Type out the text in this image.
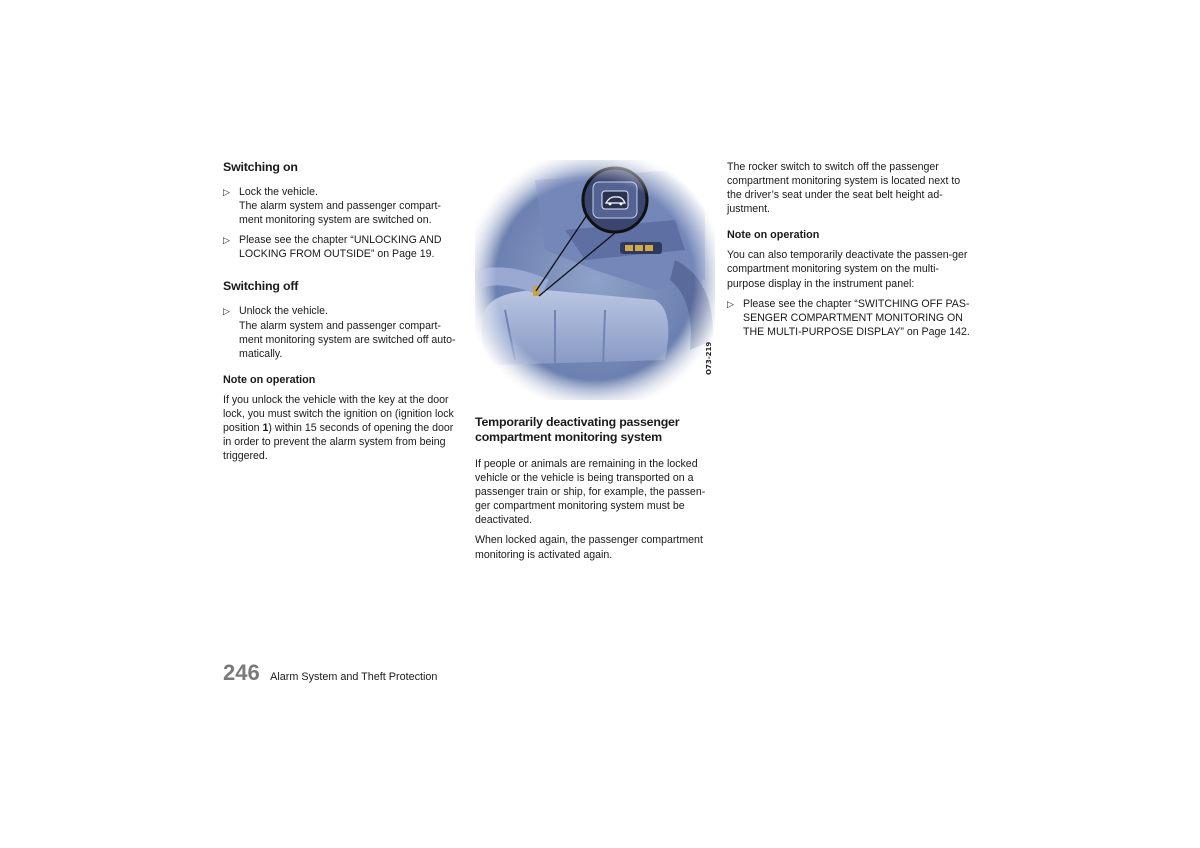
Switching on
▷ Lock the vehicle.
The alarm system and passenger compart-ment monitoring system are switched on.
▷ Please see the chapter “UNLOCKING AND LOCKING FROM OUTSIDE” on Page 19.
Switching off
▷ Unlock the vehicle.
The alarm system and passenger compart-ment monitoring system are switched off auto-matically.
Note on operation

If you unlock the vehicle with the key at the door lock, you must switch the ignition on (ignition lock position 1) within 15 seconds of opening the door in order to prevent the alarm system from being triggered.

O73-219
Temporarily deactivating passenger compartment monitoring system

If people or animals are remaining in the locked vehicle or the vehicle is being transported on a passenger train or ship, for example, the passen-ger compartment monitoring system must be deactivated.

When locked again, the passenger compartment monitoring is activated again.

The rocker switch to switch off the passenger compartment monitoring system is located next to the driver’s seat under the seat belt height ad-justment.

Note on operation

You can also temporarily deactivate the passen-ger compartment monitoring system on the multi-purpose display in the instrument panel:

▷ Please see the chapter “SWITCHING OFF PAS-SENGER COMPARTMENT MONITORING ON THE MULTI-PURPOSE DISPLAY” on Page 142.
246 Alarm System and Theft Protection
